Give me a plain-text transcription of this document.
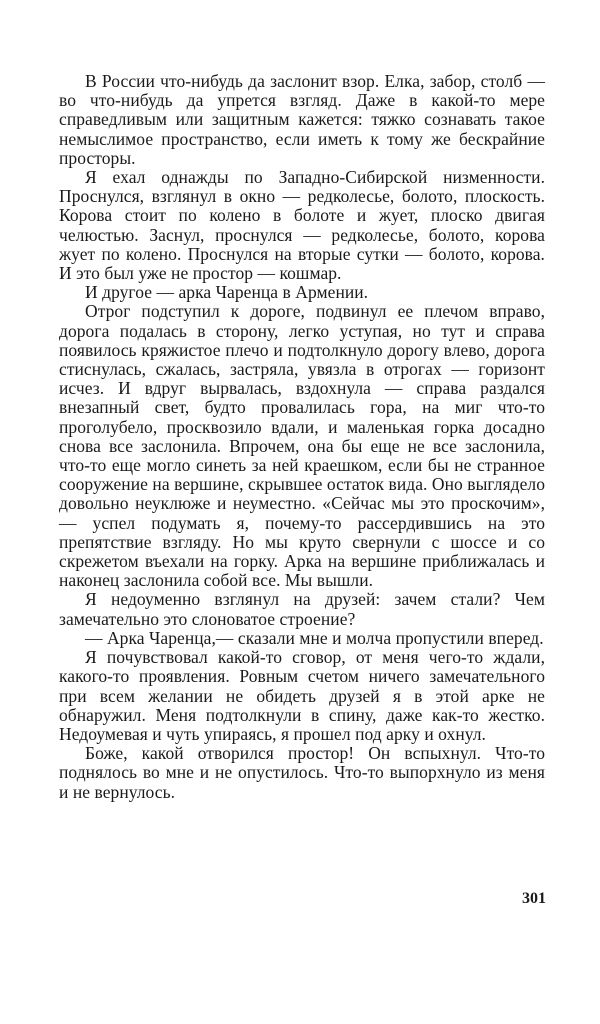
В России что-нибудь да заслонит взор. Елка, забор, столб — во что-нибудь да упрется взгляд. Даже в какой-то мере справедливым или защитным кажется: тяжко сознавать такое немыслимое пространство, если иметь к тому же бескрайние просторы.

Я ехал однажды по Западно-Сибирской низменности. Проснулся, взглянул в окно — редколесье, болото, плоскость. Корова стоит по колено в болоте и жует, плоско двигая челюстью. Заснул, проснулся — редколесье, болото, корова жует по колено. Проснулся на вторые сутки — болото, корова. И это был уже не простор — кошмар.

И другое — арка Чаренца в Армении.

Отрог подступил к дороге, подвинул ее плечом вправо, дорога подалась в сторону, легко уступая, но тут и справа появилось кряжистое плечо и подтолкнуло дорогу влево, дорога стиснулась, сжалась, застряла, увязла в отрогах — горизонт исчез. И вдруг вырвалась, вздохнула — справа раздался внезапный свет, будто провалилась гора, на миг что-то проголубело, просквoзило вдали, и маленькая горка досадно снова все заслонила. Впрочем, она бы еще не все заслонила, что-то еще могло синеть за ней краешком, если бы не странное сооружение на вершине, скрывшее остаток вида. Оно выглядело довольно неуклюже и неуместно. «Сейчас мы это проскочим»,— успел подумать я, почему-то рассердившись на это препятствие взгляду. Но мы круто свернули с шоссе и со скрежетом въехали на горку. Арка на вершине приближалась и наконец заслонила собой все. Мы вышли.

Я недоуменно взглянул на друзей: зачем стали? Чем замечательно это слоноватое строение?

— Арка Чаренца,— сказали мне и молча пропустили вперед.

Я почувствовал какой-то сговор, от меня чего-то ждали, какого-то проявления. Ровным счетом ничего замечательного при всем желании не обидеть друзей я в этой арке не обнаружил. Меня подтолкнули в спину, даже как-то жестко. Недоумевая и чуть упираясь, я прошел под арку и охнул.

Боже, какой отворился простор! Он вспыхнул. Что-то поднялось во мне и не опустилось. Что-то выпорхнуло из меня и не вернулось.

301
